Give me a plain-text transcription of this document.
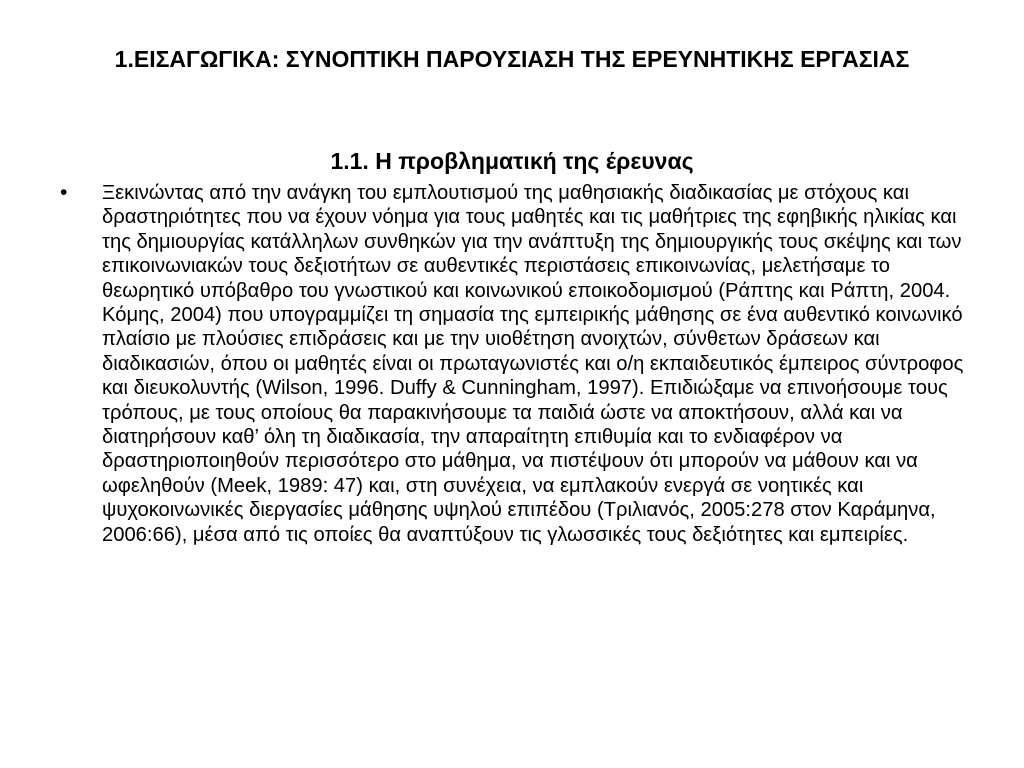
1.ΕΙΣΑΓΩΓΙΚΑ: ΣΥΝΟΠΤΙΚΗ ΠΑΡΟΥΣΙΑΣΗ ΤΗΣ ΕΡΕΥΝΗΤΙΚΗΣ ΕΡΓΑΣΙΑΣ
1.1. Η προβληματική της έρευνας
• Ξεκινώντας από την ανάγκη του εμπλουτισμού της μαθησιακής διαδικασίας με στόχους και δραστηριότητες που να έχουν νόημα για τους μαθητές και τις μαθήτριες της εφηβικής ηλικίας και της δημιουργίας κατάλληλων συνθηκών για την ανάπτυξη της δημιουργικής τους σκέψης και των επικοινωνιακών τους δεξιοτήτων σε αυθεντικές περιστάσεις επικοινωνίας, μελετήσαμε το θεωρητικό υπόβαθρο του γνωστικού και κοινωνικού εποικοδομισμού (Ράπτης και Ράπτη, 2004. Κόμης, 2004) που υπογραμμίζει τη σημασία της εμπειρικής μάθησης σε ένα αυθεντικό κοινωνικό πλαίσιο με πλούσιες επιδράσεις και με την υιοθέτηση ανοιχτών, σύνθετων δράσεων και διαδικασιών, όπου οι μαθητές είναι οι πρωταγωνιστές και ο/η εκπαιδευτικός έμπειρος σύντροφος και διευκολυντής (Wilson, 1996. Duffy & Cunningham, 1997). Επιδιώξαμε να επινοήσουμε τους τρόπους, με τους οποίους θα παρακινήσουμε τα παιδιά ώστε να αποκτήσουν, αλλά και να διατηρήσουν καθ’ όλη τη διαδικασία, την απαραίτητη επιθυμία και το ενδιαφέρον να δραστηριοποιηθούν περισσότερο στο μάθημα, να πιστέψουν ότι μπορούν να μάθουν και να ωφεληθούν (Meek, 1989: 47) και, στη συνέχεια, να εμπλακούν ενεργά σε νοητικές και ψυχοκοινωνικές διεργασίες μάθησης υψηλού επιπέδου (Τριλιανός, 2005:278 στον Καράμηνα, 2006:66), μέσα από τις οποίες θα αναπτύξουν τις γλωσσικές τους δεξιότητες και εμπειρίες.
